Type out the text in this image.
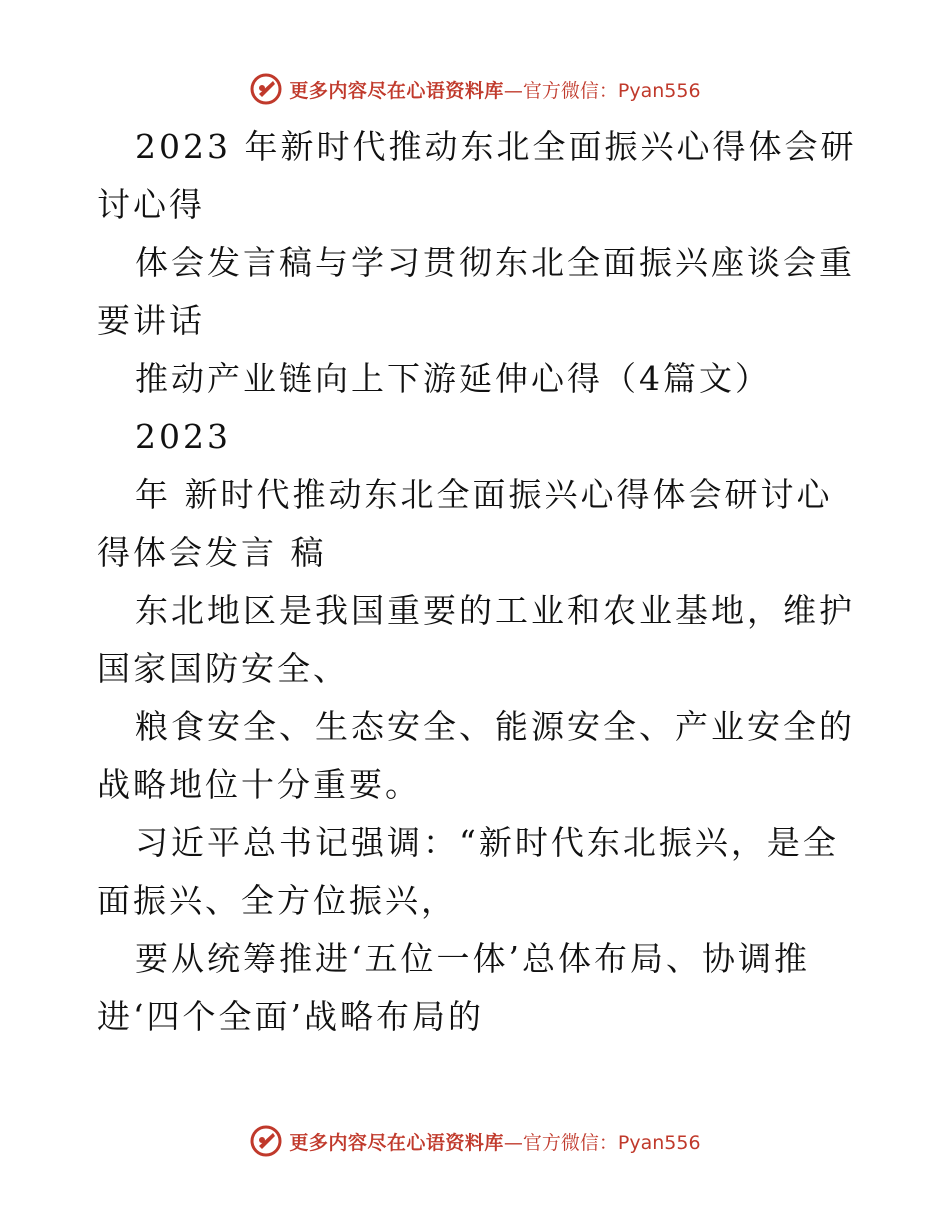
更多内容尽在心语资料库 —官方微信：Pyan556

2023 年新时代推动东北全面振兴心得体会研讨心得

体会发言稿与学习贯彻东北全面振兴座谈会重要讲话

推动产业链向上下游延伸心得（4篇文）

2023

年 新时代推动东北全面振兴心得体会研讨心得体会发言 稿

东北地区是我国重要的工业和农业基地，维护国家国防安全、

粮食安全、生态安全、能源安全、产业安全的战略地位十分重要。

习近平总书记强调：“新时代东北振兴，是全面振兴、全方位振兴，

要从统筹推进‘五位一体’总体布局、协调推进‘四个全面’战略布局的

更多内容尽在心语资料库 —官方微信：Pyan556
